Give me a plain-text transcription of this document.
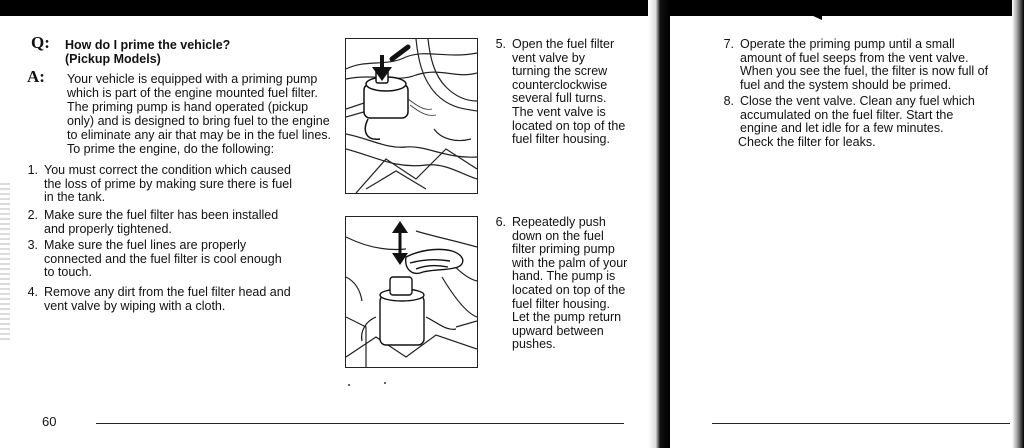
Q: How do I prime the vehicle?
(Pickup Models)
A: Your vehicle is equipped with a priming pump
which is part of the engine mounted fuel filter.
The priming pump is hand operated (pickup
only) and is designed to bring fuel to the engine
to eliminate any air that may be in the fuel lines.
To prime the engine, do the following:
1. You must correct the condition which caused
the loss of prime by making sure there is fuel
in the tank.
2. Make sure the fuel filter has been installed
and properly tightened.
3. Make sure the fuel lines are properly
connected and the fuel filter is cool enough
to touch.
4. Remove any dirt from the fuel filter head and
vent valve by wiping with a cloth.
5. Open the fuel filter
vent valve by
turning the screw
counterclockwise
several full turns.
The vent valve is
located on top of the
fuel filter housing.
6. Repeatedly push
down on the fuel
filter priming pump
with the palm of your
hand. The pump is
located on top of the
fuel filter housing.
Let the pump return
upward between
pushes.
7. Operate the priming pump until a small
amount of fuel seeps from the vent valve.
When you see the fuel, the filter is now full of
fuel and the system should be primed.
8. Close the vent valve. Clean any fuel which
accumulated on the fuel filter. Start the
engine and let idle for a few minutes.
Check the filter for leaks.
60
